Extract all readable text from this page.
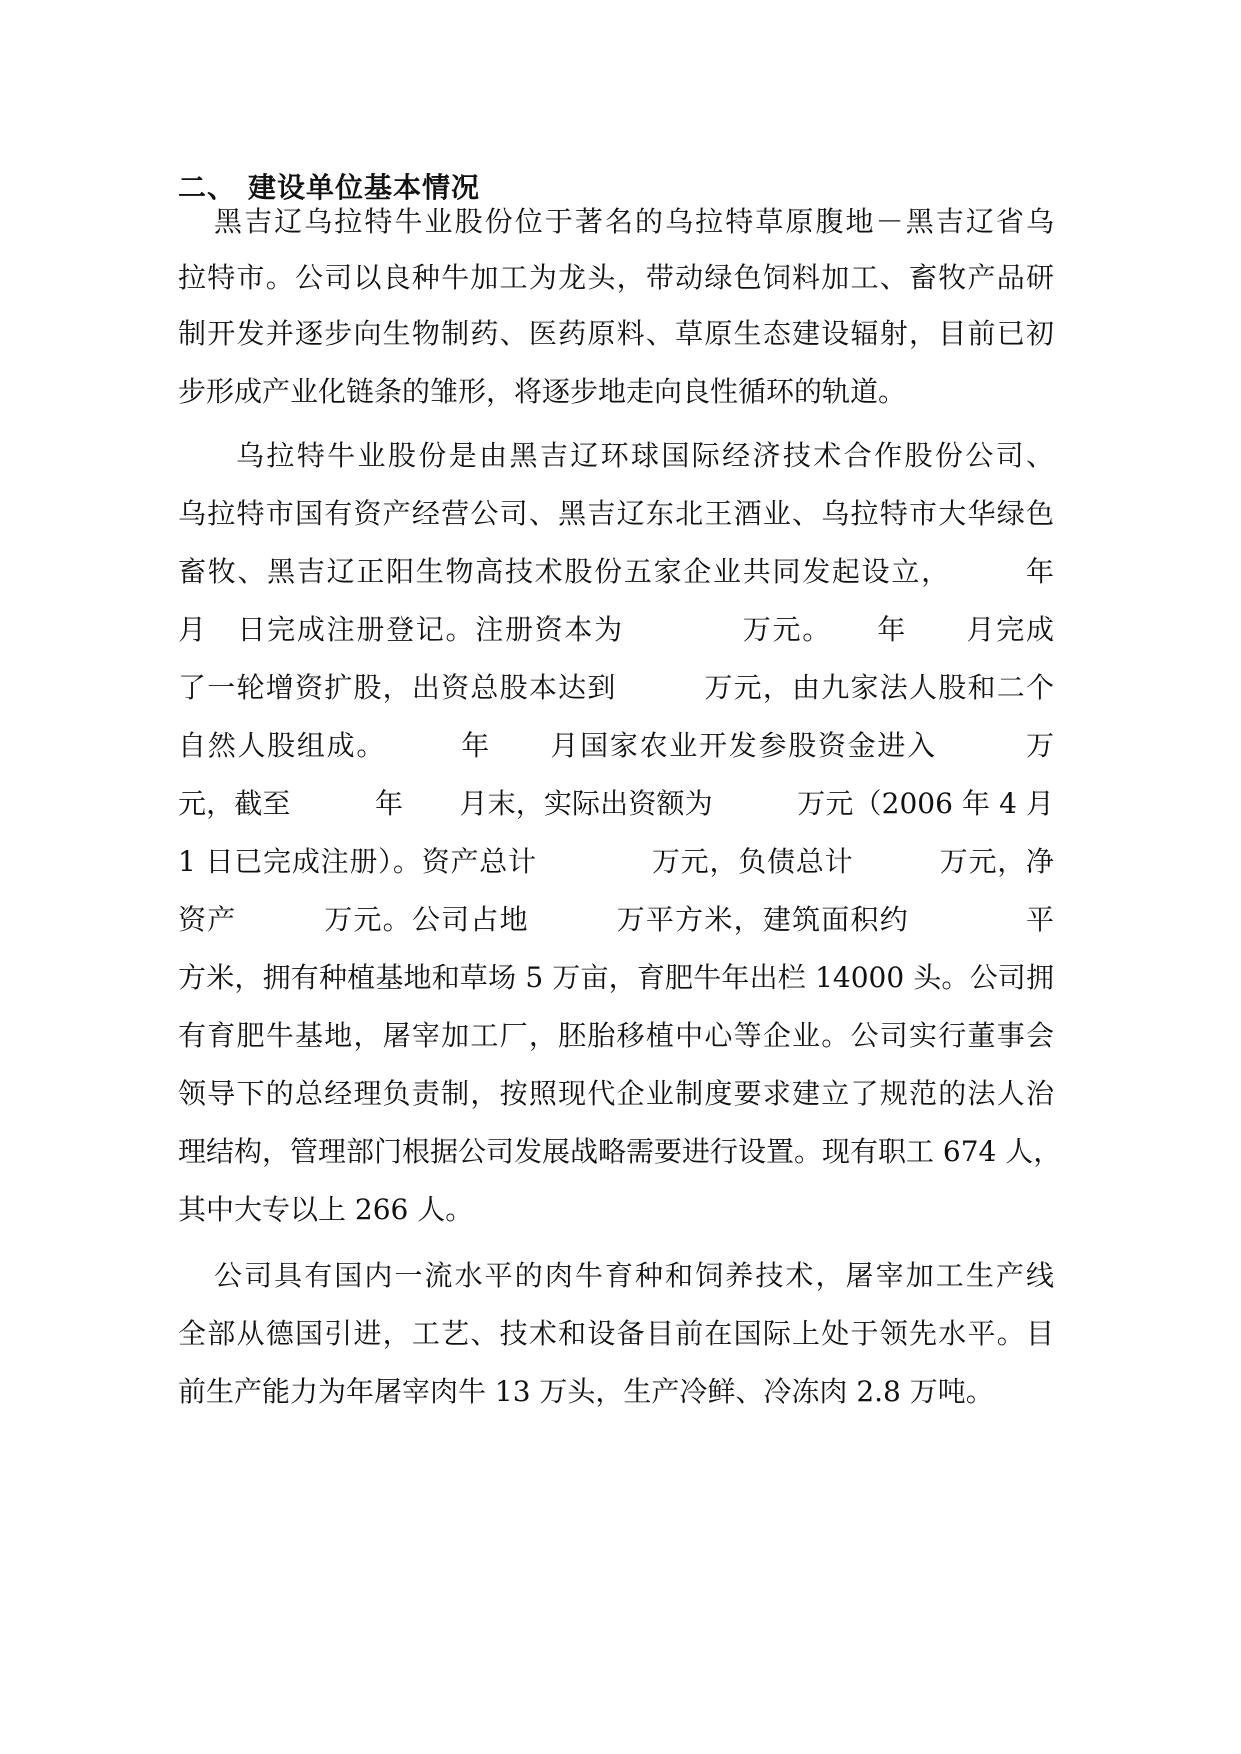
二、 建设单位基本情况
黑吉辽乌拉特牛业股份位于著名的乌拉特草原腹地－黑吉辽省乌
拉特市。公司以良种牛加工为龙头，带动绿色饲料加工、畜牧产品研
制开发并逐步向生物制药、医药原料、草原生态建设辐射，目前已初
步形成产业化链条的雏形，将逐步地走向良性循环的轨道。
乌拉特牛业股份是由黑吉辽环球国际经济技术合作股份公司、
乌拉特市国有资产经营公司、黑吉辽东北王酒业、乌拉特市大华绿色
畜牧、黑吉辽正阳生物高技术股份五家企业共同发起设立，　　　年
月　日完成注册登记。注册资本为　　　　万元。　　年　　月完成
了一轮增资扩股，出资总股本达到　　　万元，由九家法人股和二个
自然人股组成。　　　年　　月国家农业开发参股资金进入　　　万
元，截至　　　年　　月末，实际出资额为　　　万元（2006 年 4 月
1 日已完成注册）。资产总计　　　　万元，负债总计　　　万元，净
资产　　　万元。公司占地　　　万平方米，建筑面积约　　　　平
方米，拥有种植基地和草场 5 万亩，育肥牛年出栏 14000 头。公司拥
有育肥牛基地，屠宰加工厂，胚胎移植中心等企业。公司实行董事会
领导下的总经理负责制，按照现代企业制度要求建立了规范的法人治
理结构，管理部门根据公司发展战略需要进行设置。现有职工 674 人，
其中大专以上 266 人。
公司具有国内一流水平的肉牛育种和饲养技术，屠宰加工生产线
全部从德国引进，工艺、技术和设备目前在国际上处于领先水平。目
前生产能力为年屠宰肉牛 13 万头，生产冷鲜、冷冻肉 2.8 万吨。
